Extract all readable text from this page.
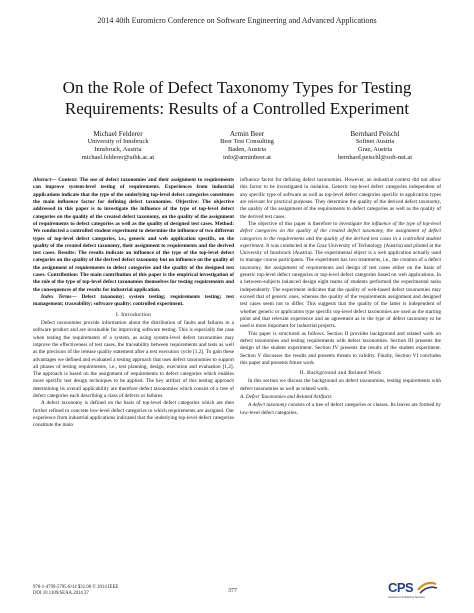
2014 40th Euromicro Conference on Software Engineering and Advanced Applications
On the Role of Defect Taxonomy Types for Testing
Requirements: Results of a Controlled Experiment
Michael Felderer
University of Innsbruck
Innsbruck, Austria
michael.felderer@uibk.ac.at
Armin Beer
Beer Test Consulting
Baden, Austria
info@arminbeer.at
Bernhard Peischl
Softnet Austria
Graz, Austria
bernhard.peischl@soft-net.at

Abstract— Context: The use of defect taxonomies and their assignment to requirements can improve system-level testing of requirements. Experiences from industrial applications indicate that the type of the underlying top-level defect categories constitutes the main influence factor for defining defect taxonomies. Objective: The objective addressed in this paper is to investigate the influence of the type of top-level defect categories on the quality of the created defect taxonomy, on the quality of the assignment of requirements to defect categories as well as the quality of designed test cases. Method: We conducted a controlled student experiment to determine the influence of two different types of top-level defect categories, i.e., generic and web application specific, on the quality of the created defect taxonomy, their assignment to requirements and the derived test cases. Results: The results indicate an influence of the type of the top-level defect categories on the quality of the derived defect taxonomy but no influence on the quality of the assignment of requirements to defect categories and the quality of the designed test cases. Contribution: The main contribution of this paper is the empirical investigation of the role of the type of top-level defect taxonomies themselves for testing requirements and the consequences of the results for industrial application.

Index Terms— Defect taxonomy; system testing; requirements testing; test management; traceability; software quality; controlled experiment.

I. Introduction

Defect taxonomies provide information about the distribution of faults and failures in a software product and are invaluable for improving software testing. This is especially the case when testing the requirements of a system, as using system-level defect taxonomies may improve the effectiveness of test cases, the traceability between requirements and tests as well as the precision of the release quality statement after a test execution cycle [1,2]. To gain these advantages we defined and evaluated a testing approach that uses defect taxonomies to support all phases of testing requirements, i.e., test planning, design, execution and evaluation [1,2]. The approach is based on the assignment of requirements to defect categories which enables more specific test design techniques to be applied. The key artifact of this testing approach determining its overall applicability are therefore defect taxonomies which consist of a tree of defect categories each describing a class of defects or failures.

A defect taxonomy is defined on the basis of top-level defect categories which are then further refined to concrete low-level defect categories to which requirements are assigned. Our experience from industrial applications indicated that the underlying top-level defect categories constitute the main

influence factor for defining defect taxonomies. However, an industrial context did not allow this factor to be investigated in isolation. Generic top-level defect categories independent of any specific type of software as well as top-level defect categories specific to application types are relevant for practical purposes. They determine the quality of the derived defect taxonomy, the quality of the assignment of the requirements to defect categories as well as the quality of the derived test cases.

The objective of this paper is therefore to investigate the influence of the type of top-level defect categories on the quality of the created defect taxonomy, the assignment of defect categories to the requirements and the quality of the derived test cases in a controlled student experiment. It was conducted at the Graz University of Technology (Austria) and piloted at the University of Innsbruck (Austria). The experimental object is a web application actually used to manage course participants. The experiment has two treatments, i.e., the creation of a defect taxonomy, the assignment of requirements and design of test cases either on the basis of generic top-level defect categories or top-level defect categories based on web applications. In a between-subjects balanced design eight teams of students performed the experimental tasks independently. The experiment indicates that the quality of web-based defect taxonomies may exceed that of generic ones, whereas the quality of the requirements assignment and designed test cases seem not to differ. This suggests that the quality of the latter is independent of whether generic or application type specific top-level defect taxonomies are used as the starting point and that relevant experience and an agreement as to the type of defect taxonomy to be used is more important for industrial projects.

This paper is structured as follows. Section II provides background and related work on defect taxonomies and testing requirements with defect taxonomies. Section III presents the design of the student experiment. Section IV presents the results of the student experiment. Section V discusses the results and presents threats to validity. Finally, Section VI concludes this paper and presents future work.

II. Background and Related Work

In this section we discuss the background on defect taxonomies, testing requirements with defect taxonomies as well as related work.

A. Defect Taxonomies and Related Artifacts

A defect taxonomy consists of a tree of defect categories or classes. Its leaves are formed by low-level defect categories.

978-1-4799-5795-8/14 $31.00 © 2014 IEEE
DOI 10.1109/SEAA.2014.37	377	CPS
Conference Publishing Services
